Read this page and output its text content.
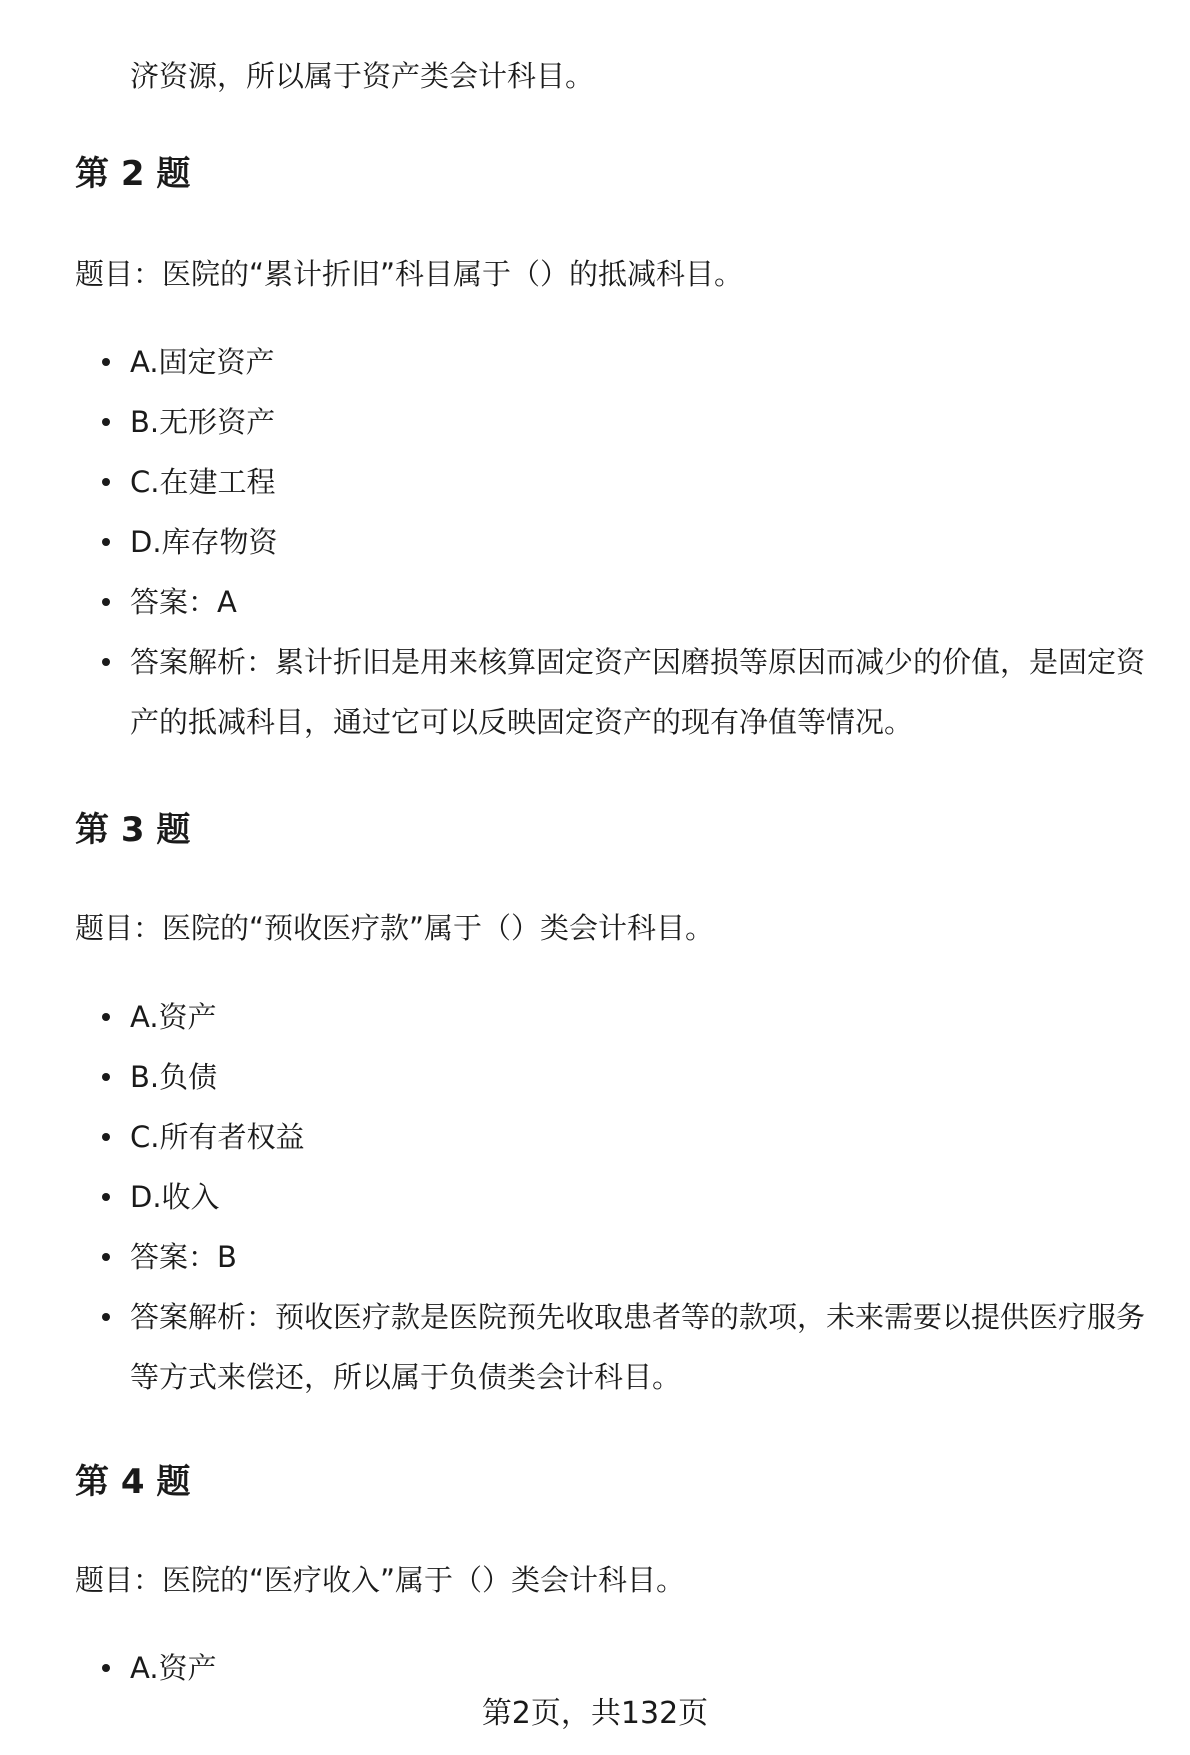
济资源，所以属于资产类会计科目。

第 2 题

题目：医院的“累计折旧”科目属于（）的抵减科目。

A.固定资产
B.无形资产
C.在建工程
D.库存物资
答案：A
答案解析：累计折旧是用来核算固定资产因磨损等原因而减少的价值，是固定资产的抵减科目，通过它可以反映固定资产的现有净值等情况。
第 3 题

题目：医院的“预收医疗款”属于（）类会计科目。

A.资产
B.负债
C.所有者权益
D.收入
答案：B
答案解析：预收医疗款是医院预先收取患者等的款项，未来需要以提供医疗服务等方式来偿还，所以属于负债类会计科目。
第 4 题

题目：医院的“医疗收入”属于（）类会计科目。

A.资产

第2页，共132页
